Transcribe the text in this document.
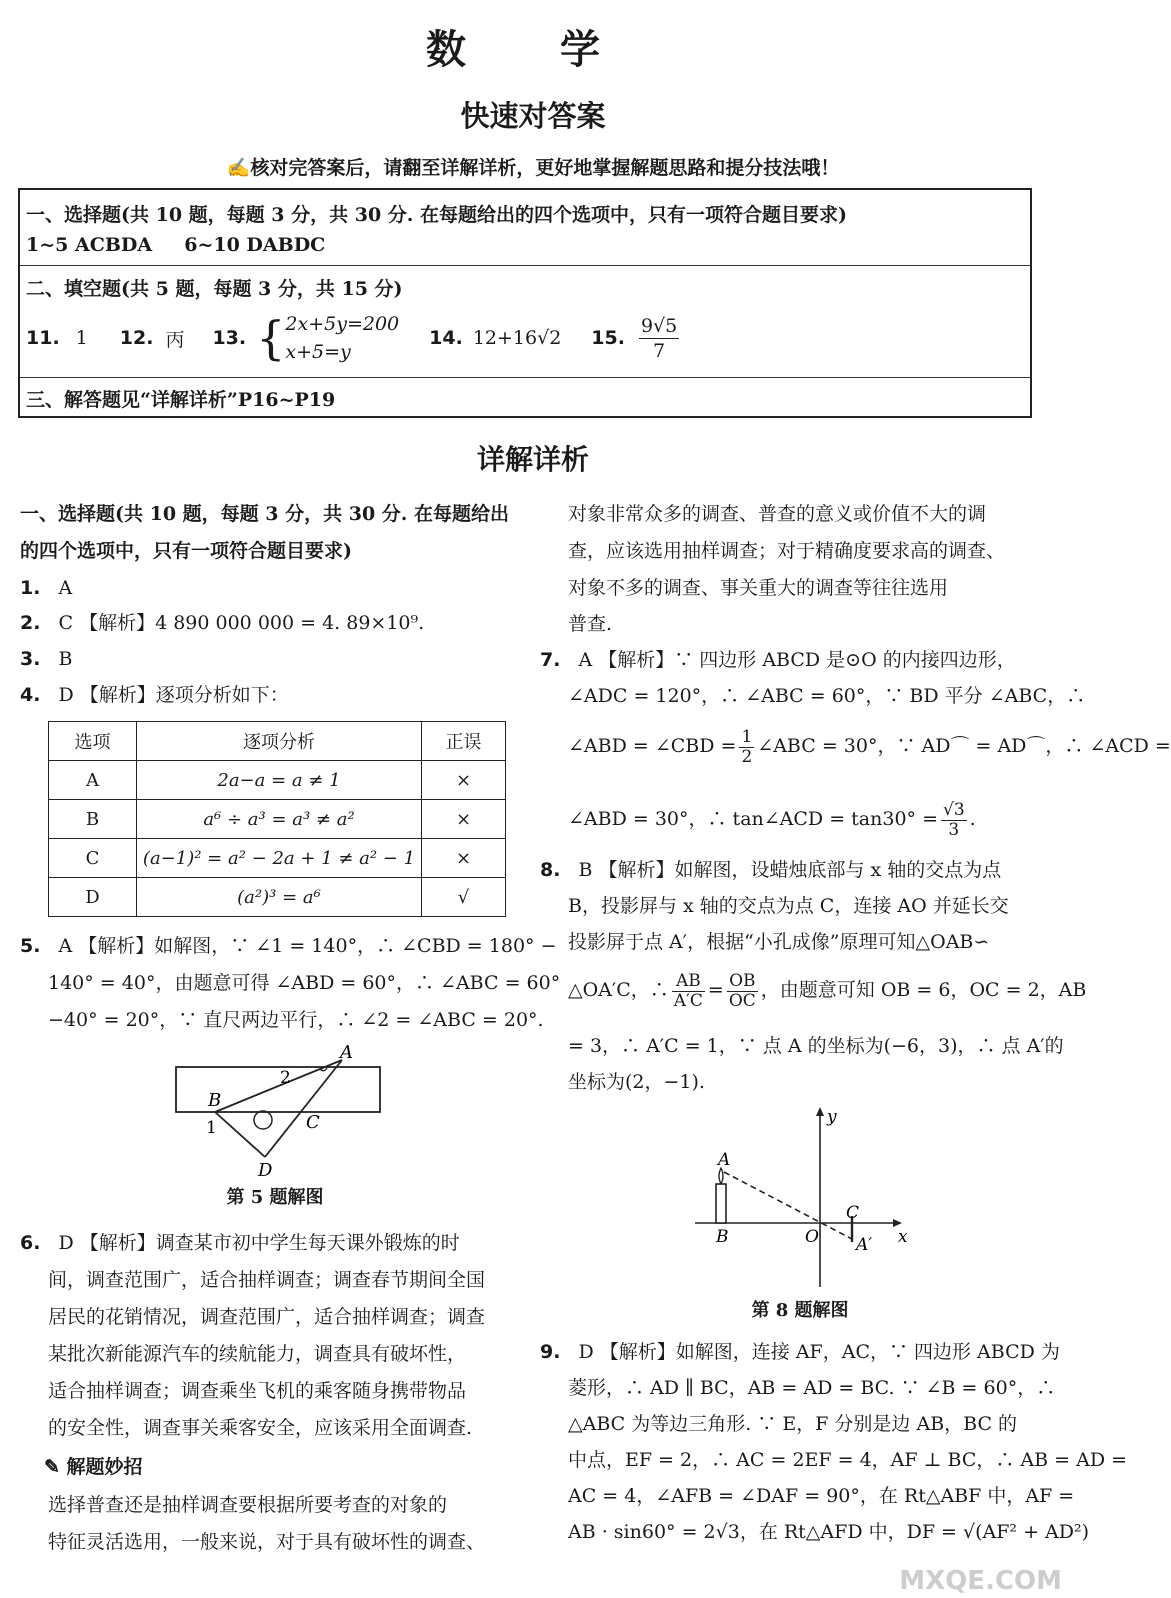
数 学
快速对答案
✍核对完答案后，请翻至详解详析，更好地掌握解题思路和提分技法哦！
一、选择题(共 10 题，每题 3 分，共 30 分. 在每题给出的四个选项中，只有一项符合题目要求)
1~5 ACBDA 6~10 DABDC
二、填空题(共 5 题，每题 3 分，共 15 分)
11. 1 12. 丙 13. { 2x+5y=200
x+5=y
14. 12+16√2 15. $\frac{9√5}{7}$
三、解答题见“详解详析”P16~P19
详解详析
一、选择题(共 10 题，每题 3 分，共 30 分. 在每题给出
的四个选项中，只有一项符合题目要求)
1. A
2. C 【解析】4 890 000 000 = 4. 89×10⁹.
3. B
4. D 【解析】逐项分析如下：
选项	逐项分析	正误
A	2a−a = a ≠ 1	×
B	a⁶ ÷ a³ = a³ ≠ a²	×
C	(a−1)² = a² − 2a + 1 ≠ a² − 1	×
D	(a²)³ = a⁶	√
5. A 【解析】如解图，∵ ∠1 = 140°，∴ ∠CBD = 180° −
140° = 40°，由题意可得 ∠ABD = 60°，∴ ∠ABC = 60°
−40° = 20°，∵ 直尺两边平行，∴ ∠2 = ∠ABC = 20°.
A
B
C
D
1
2
第 5 题解图
6. D 【解析】调查某市初中学生每天课外锻炼的时
间，调查范围广，适合抽样调查；调查春节期间全国
居民的花销情况，调查范围广，适合抽样调查；调查
某批次新能源汽车的续航能力，调查具有破坏性，
适合抽样调查；调查乘坐飞机的乘客随身携带物品
的安全性，调查事关乘客安全，应该采用全面调查.
✎ 解题妙招
选择普查还是抽样调查要根据所要考查的对象的
特征灵活选用，一般来说，对于具有破坏性的调查、
对象非常众多的调查、普查的意义或价值不大的调
查，应该选用抽样调查；对于精确度要求高的调查、
对象不多的调查、事关重大的调查等往往选用
普查.
7. A 【解析】∵ 四边形 ABCD 是⊙O 的内接四边形，
∠ADC = 120°，∴ ∠ABC = 60°，∵ BD 平分 ∠ABC，∴
∠ABD = ∠CBD = $\frac{1}{2}$ ∠ABC = 30°，∵ AD⌒ = AD⌒，∴ ∠ACD =
∠ABD = 30°，∴ tan∠ACD = $\tan 30^\circ = \frac{√3}{3}$ .
8. B 【解析】如解图，设蜡烛底部与 x 轴的交点为点
B，投影屏与 x 轴的交点为点 C，连接 AO 并延长交
投影屏于点 A′，根据“小孔成像”原理可知△OAB∽
△OA′C，∴ $\frac{AB}{A'C} = \frac{OB}{OC}$ ，由题意可知 OB = 6，OC = 2，AB
= 3，∴ A′C = 1，∵ 点 A 的坐标为(−6，3)，∴ 点 A′的
坐标为(2，−1).
A
B
C
O A′ x
y
第 8 题解图
9. D 【解析】如解图，连接 AF，AC，∵ 四边形 ABCD 为
菱形，∴ AD ∥ BC，AB = AD = BC. ∵ ∠B = 60°，∴
△ABC 为等边三角形. ∵ E，F 分别是边 AB，BC 的
中点，EF = 2，∴ AC = 2EF = 4，AF ⊥ BC，∴ AB = AD =
AC = 4，∠AFB = ∠DAF = 90°，在 Rt△ABF 中，AF =
AB · sin60° = 2√3，在 Rt△AFD 中，DF = √(AF² + AD²)
MXQE.COM
